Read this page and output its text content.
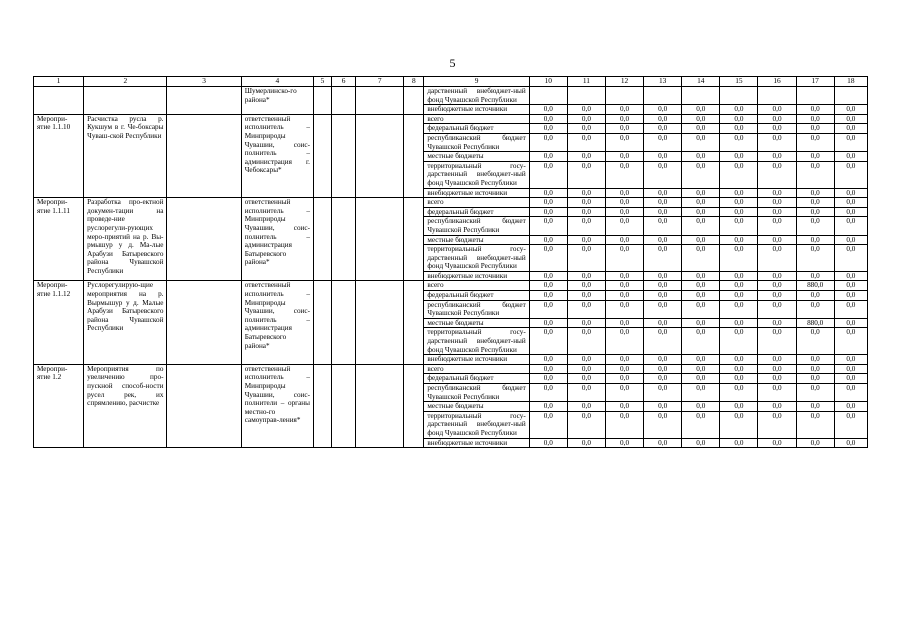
5
1	2	3	4	5	6	7	8	9	10	11	12	13	14	15	16	17	18
			Шумерлинско-го района*					дарственный внебюджет-ный фонд Чувашской Республики									
								внебюджетные источники	0,0	0,0	0,0	0,0	0,0	0,0	0,0	0,0	0,0
Меропри-ятие 1.1.10	Расчистка русла р. Кукшум в г. Че-боксары Чуваш-ской Республики		ответственный исполнитель – Минприроды Чувашии, соис-полнитель – администрация г. Чебоксары*					всего	0,0	0,0	0,0	0,0	0,0	0,0	0,0	0,0	0,0
								федеральный бюджет	0,0	0,0	0,0	0,0	0,0	0,0	0,0	0,0	0,0
								республиканский бюджет Чувашской Республики	0,0	0,0	0,0	0,0	0,0	0,0	0,0	0,0	0,0
								местные бюджеты	0,0	0,0	0,0	0,0	0,0	0,0	0,0	0,0	0,0
								территориальный госу-дарственный внебюджет-ный фонд Чувашской Республики	0,0	0,0	0,0	0,0	0,0	0,0	0,0	0,0	0,0
								внебюджетные источники	0,0	0,0	0,0	0,0	0,0	0,0	0,0	0,0	0,0
Меропри-ятие 1.1.11	Разработка про-ектной докумен-тации на проведе-ние руслорегули-рующих меро-приятий на р. Вы-рмышур у д. Ма-лые Арабузи Батыревского района Чувашской Республики		ответственный исполнитель – Минприроды Чувашии, соис-полнитель – администрация Батыревского района*					всего	0,0	0,0	0,0	0,0	0,0	0,0	0,0	0,0	0,0
								федеральный бюджет	0,0	0,0	0,0	0,0	0,0	0,0	0,0	0,0	0,0
								республиканский бюджет Чувашской Республики	0,0	0,0	0,0	0,0	0,0	0,0	0,0	0,0	0,0
								местные бюджеты	0,0	0,0	0,0	0,0	0,0	0,0	0,0	0,0	0,0
								территориальный госу-дарственный внебюджет-ный фонд Чувашской Республики	0,0	0,0	0,0	0,0	0,0	0,0	0,0	0,0	0,0
								внебюджетные источники	0,0	0,0	0,0	0,0	0,0	0,0	0,0	0,0	0,0
Меропри-ятие 1.1.12	Руслорегулирую-щие мероприятия на р. Вырмышур у д. Малые Арабузи Батыревского района Чувашской Республики		ответственный исполнитель – Минприроды Чувашии, соис-полнитель – администрация Батыревского района*					всего	0,0	0,0	0,0	0,0	0,0	0,0	0,0	880,0	0,0
								федеральный бюджет	0,0	0,0	0,0	0,0	0,0	0,0	0,0	0,0	0,0
								республиканский бюджет Чувашской Республики	0,0	0,0	0,0	0,0	0,0	0,0	0,0	0,0	0,0
								местные бюджеты	0,0	0,0	0,0	0,0	0,0	0,0	0,0	880,0	0,0
								территориальный госу-дарственный внебюджет-ный фонд Чувашской Республики	0,0	0,0	0,0	0,0	0,0	0,0	0,0	0,0	0,0
								внебюджетные источники	0,0	0,0	0,0	0,0	0,0	0,0	0,0	0,0	0,0
Меропри-ятие 1.2	Мероприятия по увеличению про-пускной способ-ности русел рек, их спрямлению, расчистке		ответственный исполнитель – Минприроды Чувашии, соис-полнители – органы местно-го самоуправ-ления*					всего	0,0	0,0	0,0	0,0	0,0	0,0	0,0	0,0	0,0
								федеральный бюджет	0,0	0,0	0,0	0,0	0,0	0,0	0,0	0,0	0,0
								республиканский бюджет Чувашской Республики	0,0	0,0	0,0	0,0	0,0	0,0	0,0	0,0	0,0
								местные бюджеты	0,0	0,0	0,0	0,0	0,0	0,0	0,0	0,0	0,0
								территориальный госу-дарственный внебюджет-ный фонд Чувашской Республики	0,0	0,0	0,0	0,0	0,0	0,0	0,0	0,0	0,0
								внебюджетные источники	0,0	0,0	0,0	0,0	0,0	0,0	0,0	0,0	0,0
